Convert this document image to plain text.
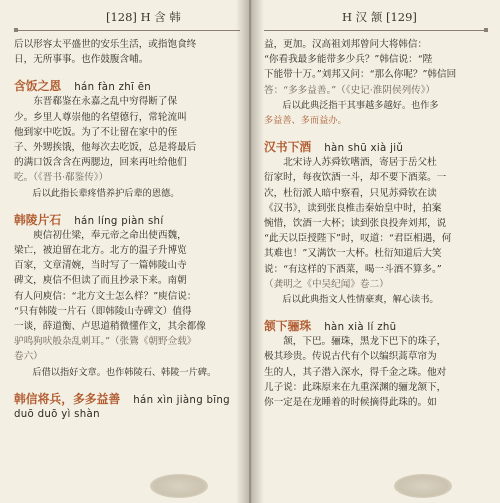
[128] H 含 韩

后以形容太平盛世的安乐生活，或指饱食终

日，无所事事。也作鼓腹含哺。

含饭之恩 hán fàn zhī ēn

东晋郗鉴在永嘉之乱中穷得断了保

少。乡里人尊崇他的名望德行，常轮流叫

他到家中吃饭。为了不让留在家中的侄

子、外甥挨饿，他每次去吃饭，总是将最后

的满口饭含含在两腮边，回来再吐给他们

吃。（《晋书·郗鉴传》）

后以此指长辈疼惜养护后辈的恩德。

韩陵片石 hán líng piàn shí

庾信初仕梁，奉元帝之命出使西魏，

梁亡，被迫留在北方。北方的温子升博览

百家，文章清婉，当时写了一篇韩陵山寺

碑文，庾信不但读了而且抄录下来。南朝

有人问庾信：“北方文士怎么样？”庾信说：

“只有韩陵一片石（即韩陵山寺碑文）值得

一谈，薛道衡、卢思道稍微懂作文，其余都像

驴鸣狗吠般杂乱刺耳。”（张鷟《朝野佥载》

卷六）

后借以指好文章。也作韩陵石、韩陵一片碑。

韩信将兵，多多益善 hán xìn jiàng bīng
duō duō yì shàn
H 汉 颔 [129]

益，更加。汉高祖刘邦曾问大将韩信：

“你看我最多能带多少兵？”韩信说：“陛

下能带十万。”刘邦又问：“那么你呢？”韩信回

答：“多多益善。”（《史记·淮阴侯列传》）

后以此典泛指干其事越多越好。也作多

多益善、多而益办。

汉书下酒 hàn shū xià jiǔ

北宋诗人苏舜钦嗜酒，寄居于岳父杜

衍家时，每夜饮酒一斗，却不要下酒菜。一

次，杜衍派人暗中察看，只见苏舜钦在读

《汉书》，读到张良椎击秦始皇中时，拍案

惋惜，饮酒一大杯；读到张良投奔刘邦，说

“此天以臣授陛下”时，叹道：“君臣相遇，何

其难也！”又满饮一大杯。杜衍知道后大笑

说：“有这样的下酒菜，喝一斗酒不算多。”

（龚明之《中吴纪闻》卷二）

后以此典指文人性情豪爽，解心读书。

颔下骊珠 hàn xià lí zhū

颔，下巴。骊珠，黑龙下巴下的珠子，

极其珍贵。传说古代有个以编织蒿草帘为

生的人，其子潜入深水，得千金之珠。他对

儿子说：此珠原来在九重深渊的骊龙颔下，

你一定是在龙睡着的时候摘得此珠的。如
